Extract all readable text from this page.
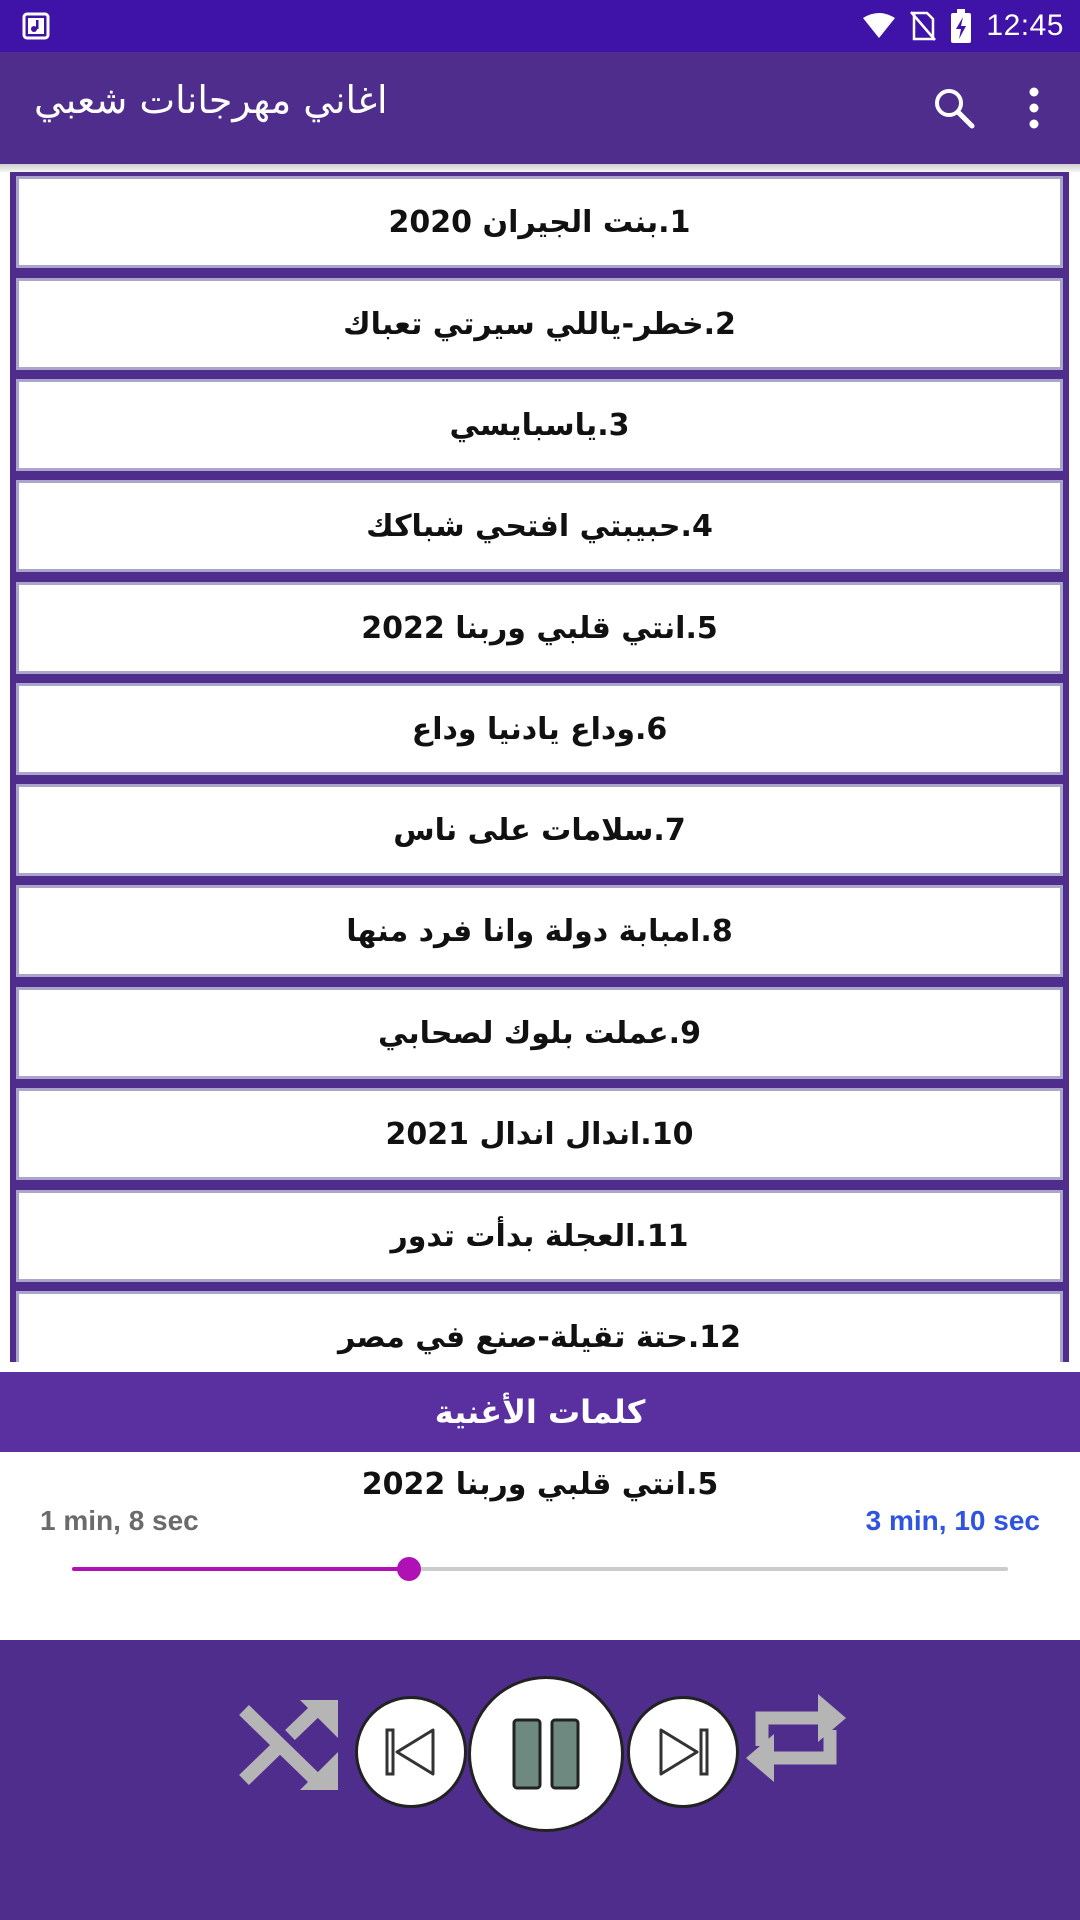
12:45
اغاني مهرجانات شعبي
1.بنت الجيران 2020
2.خطر-ياللي سيرتي تعباك
3.ياسبايسي
4.حبيبتي افتحي شباكك
5.انتي قلبي وربنا 2022
6.وداع يادنيا وداع
7.سلامات على ناس
8.امبابة دولة وانا فرد منها
9.عملت بلوك لصحابي
10.اندال اندال 2021
11.العجلة بدأت تدور
12.حتة تقيلة-صنع في مصر
كلمات الأغنية
5.انتي قلبي وربنا 2022
1 min, 8 sec	3 min, 10 sec
